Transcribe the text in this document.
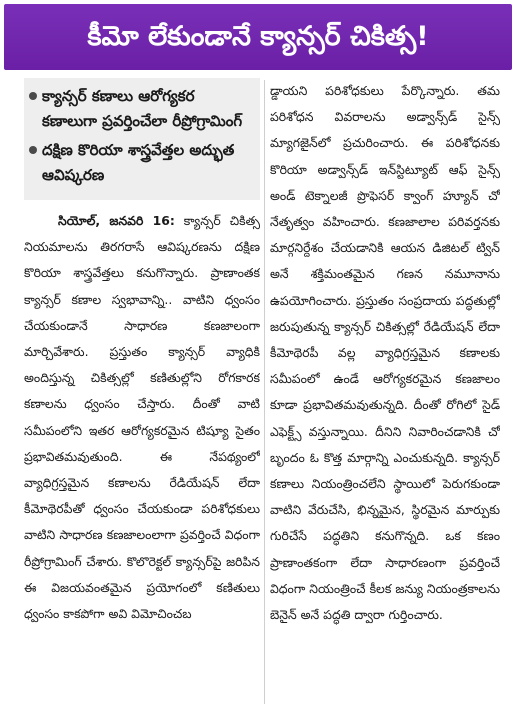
కీమో లేకుండానే క్యాన్సర్ చికిత్స!
క్యాన్సర్ కణాలు ఆరోగ్యకర కణాలుగా ప్రవర్తించేలా రీప్రోగ్రామింగ్
దక్షిణ కొరియా శాస్త్రవేత్తల అద్భుత ఆవిష్కరణ

సియోల్, జనవరి 16: క్యాన్సర్ చికిత్స నియమాలను తిరగరాసే ఆవిష్కరణను దక్షిణ కొరియా శాస్త్రవేత్తలు కనుగొన్నారు. ప్రాణాంతక క్యాన్సర్ కణాల స్వభావాన్ని.. వాటిని ధ్వంసం చేయకుండానే సాధారణ కణజాలంగా మార్చివేశారు. ప్రస్తుతం క్యాన్సర్ వ్యాధికి అందిస్తున్న చికిత్సల్లో కణితుల్లోని రోగకారక కణాలను ధ్వంసం చేస్తారు. దీంతో వాటి సమీపంలోని ఇతర ఆరోగ్యకరమైన టిష్యూ సైతం ప్రభావితమవుతుంది. ఈ నేపథ్యంలో వ్యాధిగ్రస్తమైన కణాలను రేడియేషన్ లేదా కీమోథెరపీతో ధ్వంసం చేయకుండా పరిశోధకులు వాటిని సాధారణ కణజాలంలాగా ప్రవర్తించే విధంగా రీప్రోగ్రామింగ్ చేశారు. కొలొరెక్టల్ క్యాన్సర్‌పై జరిపిన ఈ విజయవంతమైన ప్రయోగంలో కణితులు ధ్వంసం కాకపోగా అవి విమోచించబ

డ్డాయని పరిశోధకులు పేర్కొన్నారు. తమ పరిశోధన వివరాలను అడ్వాన్స్‌డ్ సైన్స్ మ్యాగజైన్‌లో ప్రచురించారు. ఈ పరిశోధనకు కొరియా అడ్వాన్స్‌డ్ ఇన్‌స్టిట్యూట్ ఆఫ్ సైన్స్ అండ్ టెక్నాలజీ ప్రొఫెసర్ క్వాంగ్ హ్యూన్ చో నేతృత్వం వహించారు. కణజాలాల పరివర్తనకు మార్గనిర్దేశం చేయడానికి ఆయన డిజిటల్ ట్విన్ అనే శక్తిమంతమైన గణన నమూనాను ఉపయోగించారు. ప్రస్తుతం సంప్రదాయ పద్ధతుల్లో జరుపుతున్న క్యాన్సర్ చికిత్సల్లో రేడియేషన్ లేదా కీమోథెరపీ వల్ల వ్యాధిగ్రస్తమైన కణాలకు సమీపంలో ఉండే ఆరోగ్యకరమైన కణజాలం కూడా ప్రభావితమవుతున్నది. దీంతో రోగిలో సైడ్ ఎఫెక్ట్స్ వస్తున్నాయి. దీనిని నివారించడానికి చో బృందం ఓ కొత్త మార్గాన్ని ఎంచుకున్నది. క్యాన్సర్ కణాలు నియంత్రించలేని స్థాయిలో పెరుగకుండా వాటిని వేరుచేసి, భిన్నమైన, స్థిరమైన మార్పుకు గురిచేసే పద్ధతిని కనుగొన్నది. ఒక కణం ప్రాణాంతకంగా లేదా సాధారణంగా ప్రవర్తించే విధంగా నియంత్రించే కీలక జన్యు నియంత్రకాలను బెనైన్ అనే పద్ధతి ద్వారా గుర్తించారు.
